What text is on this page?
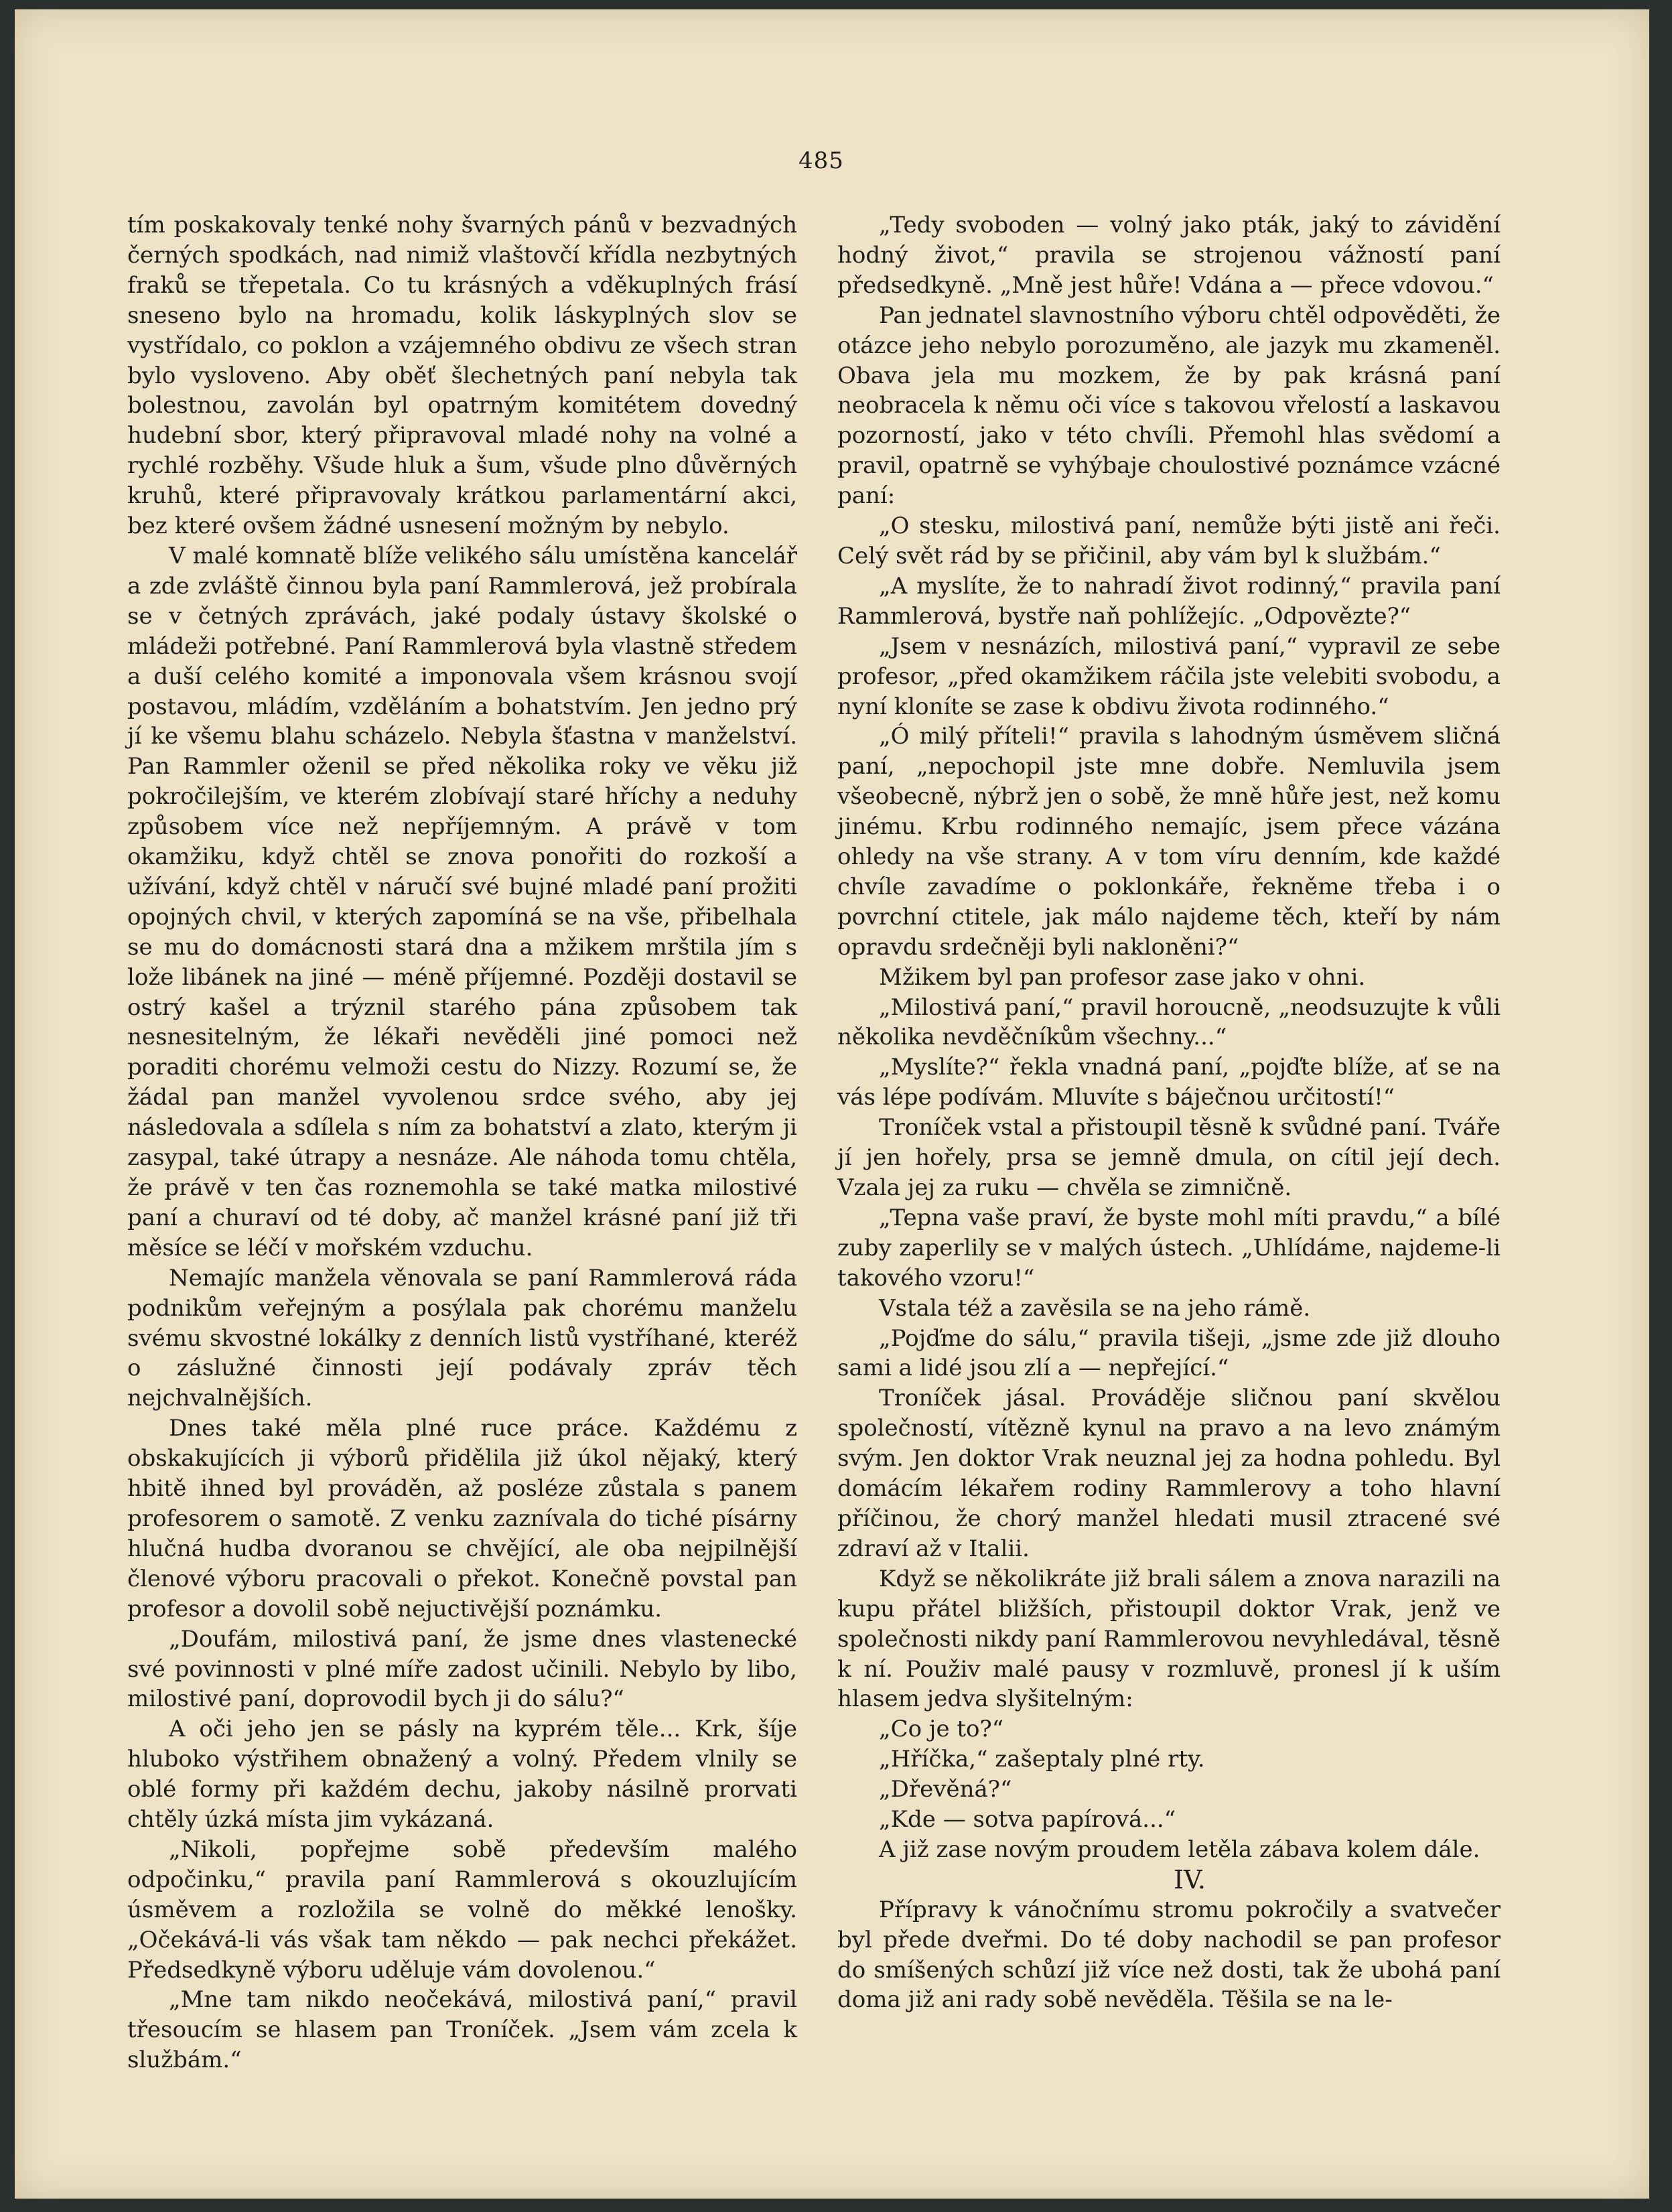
485

tím poskakovaly tenké nohy švarných pánů v bezvadných černých spodkách, nad nimiž vlaštovčí křídla nezbytných fraků se třepetala. Co tu krásných a vděkuplných frásí sneseno bylo na hromadu, kolik láskyplných slov se vystřídalo, co poklon a vzájemného obdivu ze všech stran bylo vysloveno. Aby oběť šlechetných paní nebyla tak bolestnou, zavolán byl opatrným komitétem dovedný hudební sbor, který připravoval mladé nohy na volné a rychlé rozběhy. Všude hluk a šum, všude plno důvěrných kruhů, které připravovaly krátkou parlamentární akci, bez které ovšem žádné usnesení možným by nebylo.

V malé komnatě blíže velikého sálu umístěna kancelář a zde zvláště činnou byla paní Rammlerová, jež probírala se v četných zprávách, jaké podaly ústavy školské o mládeži potřebné. Paní Rammlerová byla vlastně středem a duší celého komité a imponovala všem krásnou svojí postavou, mládím, vzděláním a bohatstvím. Jen jedno prý jí ke všemu blahu scházelo. Nebyla šťastna v manželství. Pan Rammler oženil se před několika roky ve věku již pokročilejším, ve kterém zlobívají staré hříchy a neduhy způsobem více než nepříjemným. A právě v tom okamžiku, když chtěl se znova ponořiti do rozkoší a užívání, když chtěl v náručí své bujné mladé paní prožiti opojných chvil, v kterých zapomíná se na vše, přibelhala se mu do domácnosti stará dna a mžikem mrštila jím s lože libánek na jiné — méně příjemné. Později dostavil se ostrý kašel a trýznil starého pána způsobem tak nesnesitelným, že lékaři nevěděli jiné pomoci než poraditi chorému velmoži cestu do Nizzy. Rozumí se, že žádal pan manžel vyvolenou srdce svého, aby jej následovala a sdílela s ním za bohatství a zlato, kterým ji zasypal, také útrapy a nesnáze. Ale náhoda tomu chtěla, že právě v ten čas roznemohla se také matka milostivé paní a churaví od té doby, ač manžel krásné paní již tři měsíce se léčí v mořském vzduchu.

Nemajíc manžela věnovala se paní Rammlerová ráda podnikům veřejným a posýlala pak chorému manželu svému skvostné lokálky z denních listů vystříhané, kteréž o záslužné činnosti její podávaly zpráv těch nejchvalnějších.

Dnes také měla plné ruce práce. Každému z obskakujících ji výborů přidělila již úkol nějaký, který hbitě ihned byl prováděn, až posléze zůstala s panem profesorem o samotě. Z venku zaznívala do tiché písárny hlučná hudba dvoranou se chvějící, ale oba nejpilnější členové výboru pracovali o překot. Konečně povstal pan profesor a dovolil sobě nejuctivější poznámku.

„Doufám, milostivá paní, že jsme dnes vlastenecké své povinnosti v plné míře zadost učinili. Nebylo by libo, milostivé paní, doprovodil bych ji do sálu?“

A oči jeho jen se pásly na kyprém těle... Krk, šíje hluboko výstřihem obnažený a volný. Předem vlnily se oblé formy při každém dechu, jakoby násilně prorvati chtěly úzká místa jim vykázaná.

„Nikoli, popřejme sobě především malého odpočinku,“ pravila paní Rammlerová s okouzlujícím úsměvem a rozložila se volně do měkké lenošky. „Očekává-li vás však tam někdo — pak nechci překážet. Předsedkyně výboru uděluje vám dovolenou.“

„Mne tam nikdo neočekává, milostivá paní,“ pravil třesoucím se hlasem pan Troníček. „Jsem vám zcela k službám.“

„Tedy svoboden — volný jako pták, jaký to závidění hodný život,“ pravila se strojenou vážností paní předsedkyně. „Mně jest hůře! Vdána a — přece vdovou.“

Pan jednatel slavnostního výboru chtěl odpověděti, že otázce jeho nebylo porozuměno, ale jazyk mu zkameněl. Obava jela mu mozkem, že by pak krásná paní neobracela k němu oči více s takovou vřelostí a laskavou pozorností, jako v této chvíli. Přemohl hlas svědomí a pravil, opatrně se vyhýbaje choulostivé poznámce vzácné paní:

„O stesku, milostivá paní, nemůže býti jistě ani řeči. Celý svět rád by se přičinil, aby vám byl k službám.“

„A myslíte, že to nahradí život rodinný,“ pravila paní Rammlerová, bystře naň pohlížejíc. „Odpovězte?“

„Jsem v nesnázích, milostivá paní,“ vypravil ze sebe profesor, „před okamžikem ráčila jste velebiti svobodu, a nyní kloníte se zase k obdivu života rodinného.“

„Ó milý příteli!“ pravila s lahodným úsměvem sličná paní, „nepochopil jste mne dobře. Nemluvila jsem všeobecně, nýbrž jen o sobě, že mně hůře jest, než komu jinému. Krbu rodinného nemajíc, jsem přece vázána ohledy na vše strany. A v tom víru denním, kde každé chvíle zavadíme o poklonkáře, řekněme třeba i o povrchní ctitele, jak málo najdeme těch, kteří by nám opravdu srdečněji byli nakloněni?“

Mžikem byl pan profesor zase jako v ohni.

„Milostivá paní,“ pravil horoucně, „neodsuzujte k vůli několika nevděčníkům všechny...“

„Myslíte?“ řekla vnadná paní, „pojďte blíže, ať se na vás lépe podívám. Mluvíte s báječnou určitostí!“

Troníček vstal a přistoupil těsně k svůdné paní. Tváře jí jen hořely, prsa se jemně dmula, on cítil její dech. Vzala jej za ruku — chvěla se zimničně.

„Tepna vaše praví, že byste mohl míti pravdu,“ a bílé zuby zaperlily se v malých ústech. „Uhlídáme, najdeme-li takového vzoru!“

Vstala též a zavěsila se na jeho rámě.

„Pojďme do sálu,“ pravila tišeji, „jsme zde již dlouho sami a lidé jsou zlí a — nepřející.“

Troníček jásal. Prováděje sličnou paní skvělou společností, vítězně kynul na pravo a na levo známým svým. Jen doktor Vrak neuznal jej za hodna pohledu. Byl domácím lékařem rodiny Rammlerovy a toho hlavní příčinou, že chorý manžel hledati musil ztracené své zdraví až v Italii.

Když se několikráte již brali sálem a znova narazili na kupu přátel bližších, přistoupil doktor Vrak, jenž ve společnosti nikdy paní Rammlerovou nevyhledával, těsně k ní. Použiv malé pausy v rozmluvě, pronesl jí k uším hlasem jedva slyšitelným:

„Co je to?“

„Hříčka,“ zašeptaly plné rty.

„Dřevěná?“

„Kde — sotva papírová...“

A již zase novým proudem letěla zábava kolem dále.

IV.

Přípravy k vánočnímu stromu pokročily a svatvečer byl přede dveřmi. Do té doby nachodil se pan profesor do smíšených schůzí již více než dosti, tak že ubohá paní doma již ani rady sobě nevěděla. Těšila se na le-
